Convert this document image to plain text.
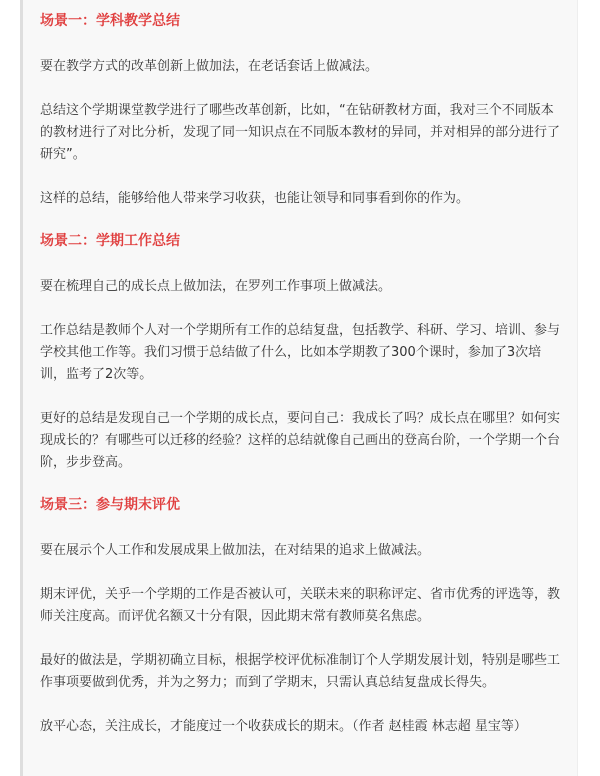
场景一：学科教学总结

要在教学方式的改革创新上做加法，在老话套话上做减法。

总结这个学期课堂教学进行了哪些改革创新，比如，“在钻研教材方面，我对三个不同版本的教材进行了对比分析，发现了同一知识点在不同版本教材的异同，并对相异的部分进行了研究”。

这样的总结，能够给他人带来学习收获，也能让领导和同事看到你的作为。

场景二：学期工作总结

要在梳理自己的成长点上做加法，在罗列工作事项上做减法。

工作总结是教师个人对一个学期所有工作的总结复盘，包括教学、科研、学习、培训、参与学校其他工作等。我们习惯于总结做了什么，比如本学期教了300个课时，参加了3次培训，监考了2次等。

更好的总结是发现自己一个学期的成长点，要问自己：我成长了吗？成长点在哪里？如何实现成长的？有哪些可以迁移的经验？这样的总结就像自己画出的登高台阶，一个学期一个台阶，步步登高。

场景三：参与期末评优

要在展示个人工作和发展成果上做加法，在对结果的追求上做减法。

期末评优，关乎一个学期的工作是否被认可，关联未来的职称评定、省市优秀的评选等，教师关注度高。而评优名额又十分有限，因此期末常有教师莫名焦虑。

最好的做法是，学期初确立目标，根据学校评优标准制订个人学期发展计划，特别是哪些工作事项要做到优秀，并为之努力；而到了学期末，只需认真总结复盘成长得失。

放平心态，关注成长，才能度过一个收获成长的期末。（作者 赵桂霞 林志超 星宝等）
